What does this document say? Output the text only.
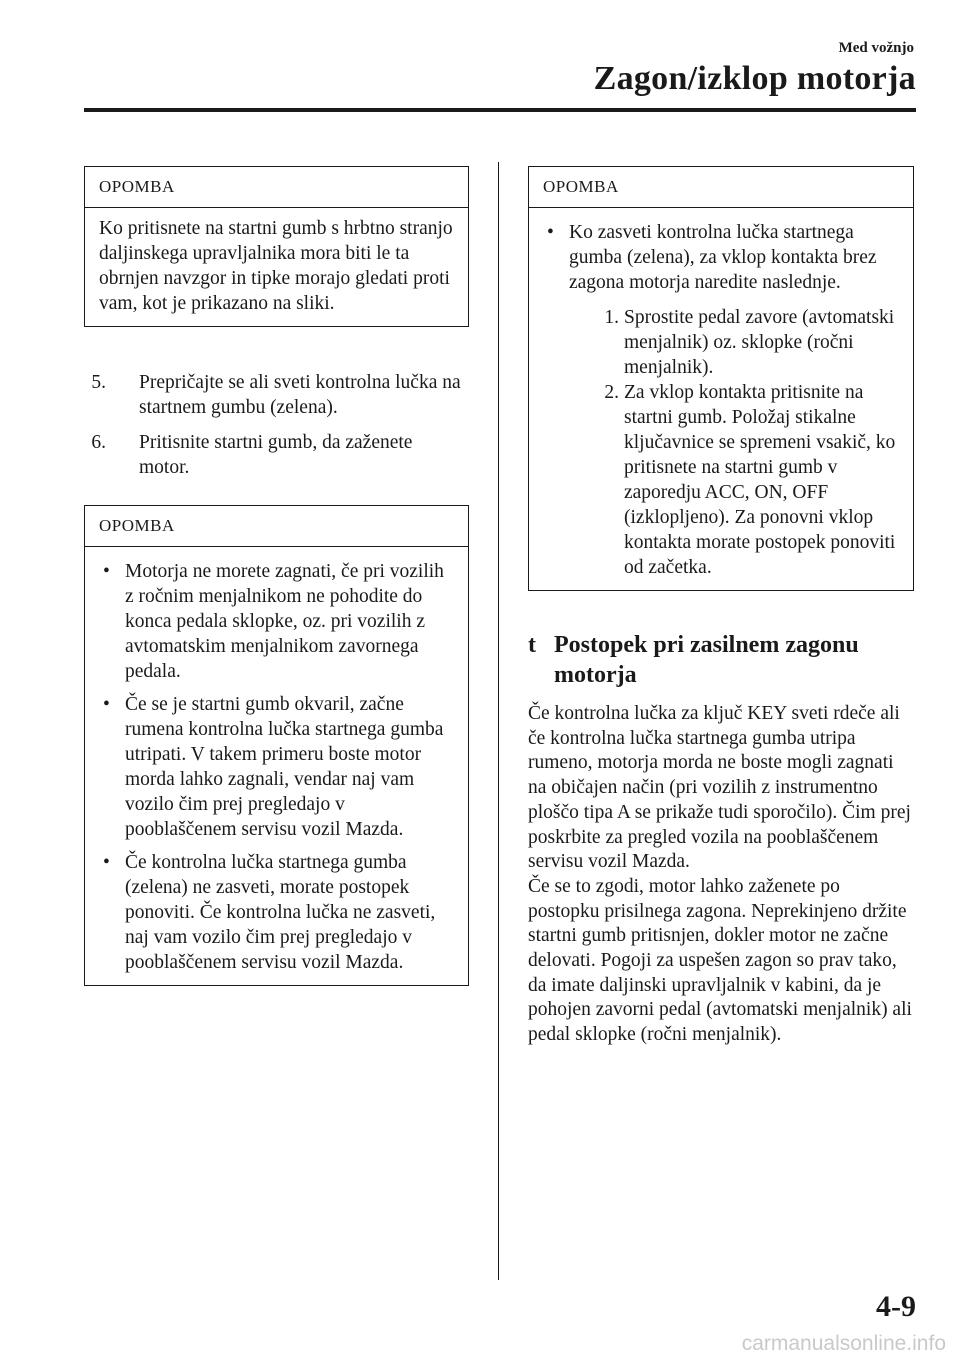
Med vožnjo
Zagon/izklop motorja
OPOMBA
Ko pritisnete na startni gumb s hrbtno stranjo daljinskega upravljalnika mora biti le ta obrnjen navzgor in tipke morajo gledati proti vam, kot je prikazano na sliki.
5. Prepričajte se ali sveti kontrolna lučka na startnem gumbu (zelena).
6. Pritisnite startni gumb, da zaženete motor.
OPOMBA
• Motorja ne morete zagnati, če pri vozilih z ročnim menjalnikom ne pohodite do konca pedala sklopke, oz. pri vozilih z avtomatskim menjalnikom zavornega pedala.
• Če se je startni gumb okvaril, začne rumena kontrolna lučka startnega gumba utripati. V takem primeru boste motor morda lahko zagnali, vendar naj vam vozilo čim prej pregledajo v pooblaščenem servisu vozil Mazda.
• Če kontrolna lučka startnega gumba (zelena) ne zasveti, morate postopek ponoviti. Če kontrolna lučka ne zasveti, naj vam vozilo čim prej pregledajo v pooblaščenem servisu vozil Mazda.
OPOMBA
• Ko zasveti kontrolna lučka startnega gumba (zelena), za vklop kontakta brez zagona motorja naredite naslednje.
1. Sprostite pedal zavore (avtomatski menjalnik) oz. sklopke (ročni menjalnik).
2. Za vklop kontakta pritisnite na startni gumb. Položaj stikalne ključavnice se spremeni vsakič, ko pritisnete na startni gumb v zaporedju ACC, ON, OFF (izklopljeno). Za ponovni vklop kontakta morate postopek ponoviti od začetka.
t Postopek pri zasilnem zagonu motorja
Če kontrolna lučka za ključ KEY sveti rdeče ali če kontrolna lučka startnega gumba utripa rumeno, motorja morda ne boste mogli zagnati na običajen način (pri vozilih z instrumentno ploščo tipa A se prikaže tudi sporočilo). Čim prej poskrbite za pregled vozila na pooblaščenem servisu vozil Mazda.
Če se to zgodi, motor lahko zaženete po postopku prisilnega zagona. Neprekinjeno držite startni gumb pritisnjen, dokler motor ne začne delovati. Pogoji za uspešen zagon so prav tako, da imate daljinski upravljalnik v kabini, da je pohojen zavorni pedal (avtomatski menjalnik) ali pedal sklopke (ročni menjalnik).
4-9
carmanualsonline.info
